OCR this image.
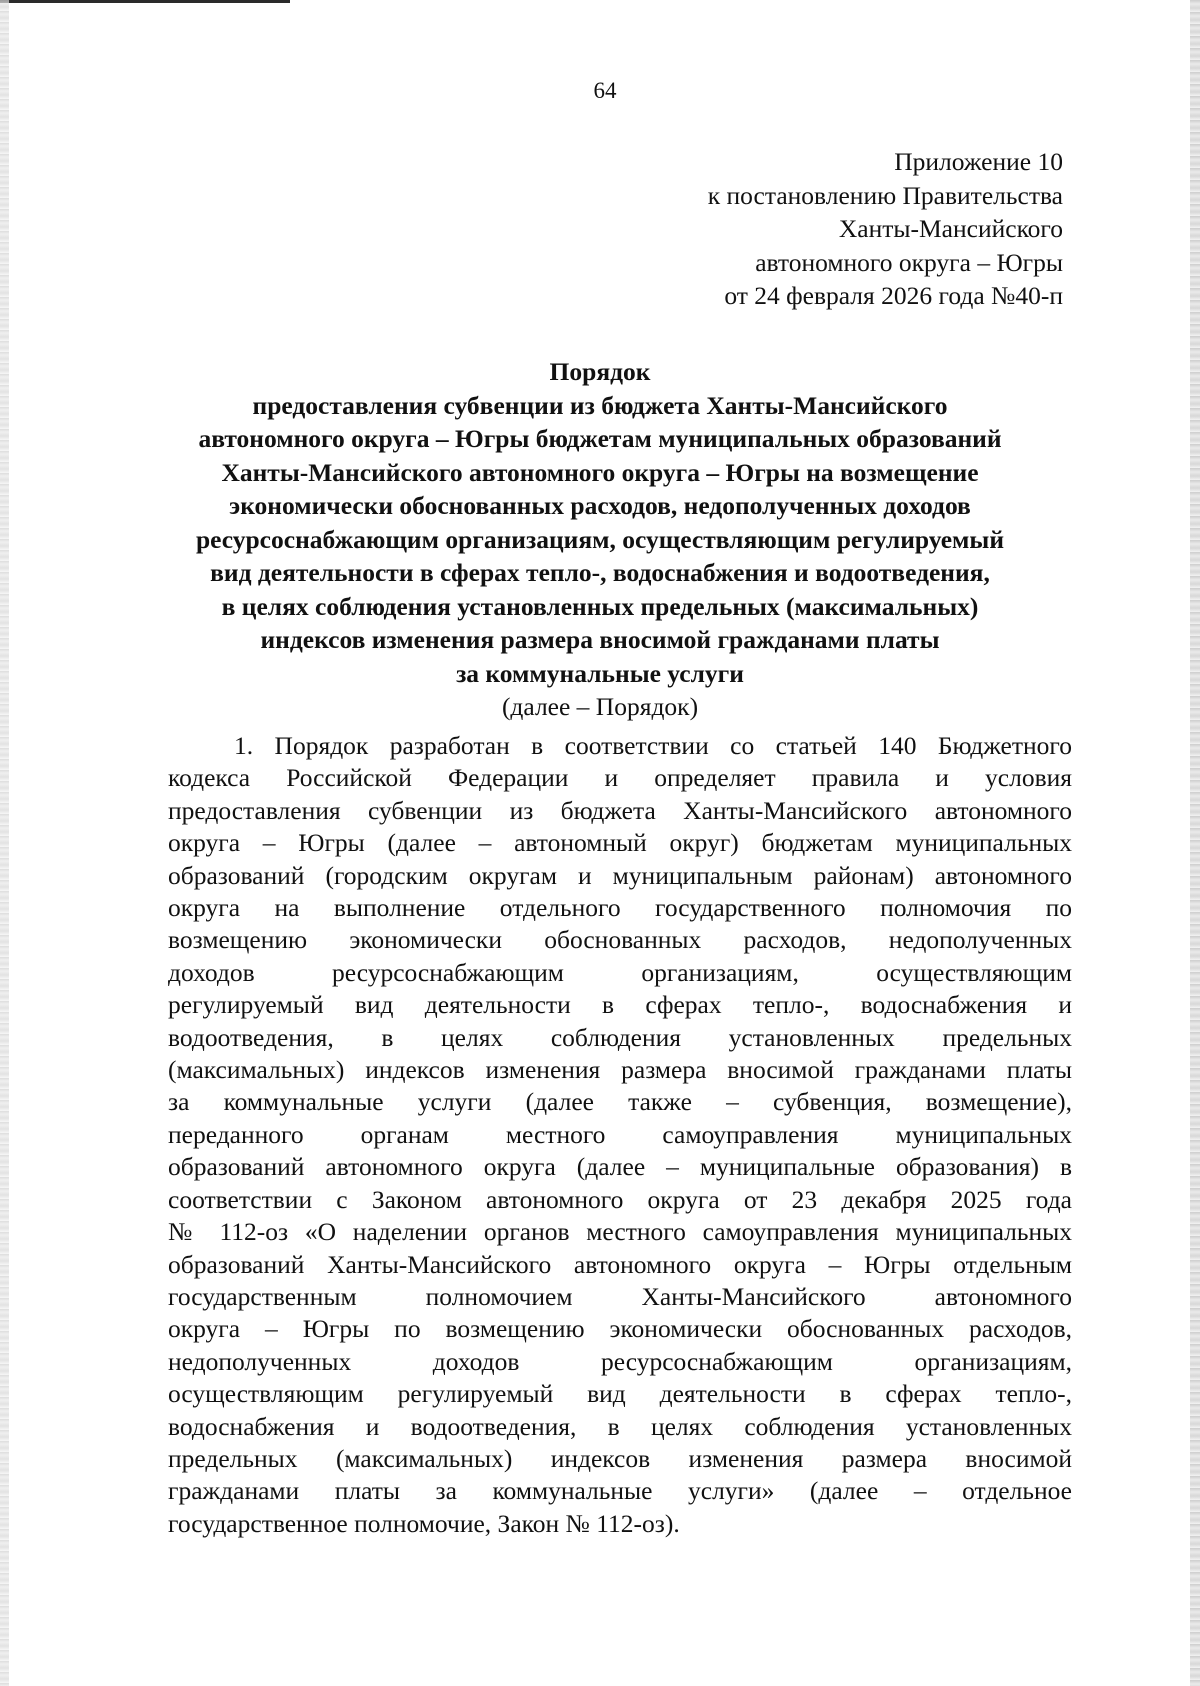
64
Приложение 10
к постановлению Правительства
Ханты-Мансийского
автономного округа – Югры
от 24 февраля 2026 года №40-п
Порядок
предоставления субвенции из бюджета Ханты-Мансийского
автономного округа – Югры бюджетам муниципальных образований
Ханты-Мансийского автономного округа – Югры на возмещение
экономически обоснованных расходов, недополученных доходов
ресурсоснабжающим организациям, осуществляющим регулируемый
вид деятельности в сферах тепло-, водоснабжения и водоотведения,
в целях соблюдения установленных предельных (максимальных)
индексов изменения размера вносимой гражданами платы
за коммунальные услуги
(далее – Порядок)
1. Порядок разработан в соответствии со статьей 140 Бюджетного
кодекса Российской Федерации и определяет правила и условия
предоставления субвенции из бюджета Ханты-Мансийского автономного
округа – Югры (далее – автономный округ) бюджетам муниципальных
образований (городским округам и муниципальным районам) автономного
округа на выполнение отдельного государственного полномочия по
возмещению экономически обоснованных расходов, недополученных
доходов ресурсоснабжающим организациям, осуществляющим
регулируемый вид деятельности в сферах тепло-, водоснабжения и
водоотведения, в целях соблюдения установленных предельных
(максимальных) индексов изменения размера вносимой гражданами платы
за коммунальные услуги (далее также – субвенция, возмещение),
переданного органам местного самоуправления муниципальных
образований автономного округа (далее – муниципальные образования) в
соответствии с Законом автономного округа от 23 декабря 2025 года
№ 112-оз «О наделении органов местного самоуправления муниципальных
образований Ханты-Мансийского автономного округа – Югры отдельным
государственным полномочием Ханты-Мансийского автономного
округа – Югры по возмещению экономически обоснованных расходов,
недополученных доходов ресурсоснабжающим организациям,
осуществляющим регулируемый вид деятельности в сферах тепло-,
водоснабжения и водоотведения, в целях соблюдения установленных
предельных (максимальных) индексов изменения размера вносимой
гражданами платы за коммунальные услуги» (далее – отдельное
государственное полномочие, Закон № 112-оз).
